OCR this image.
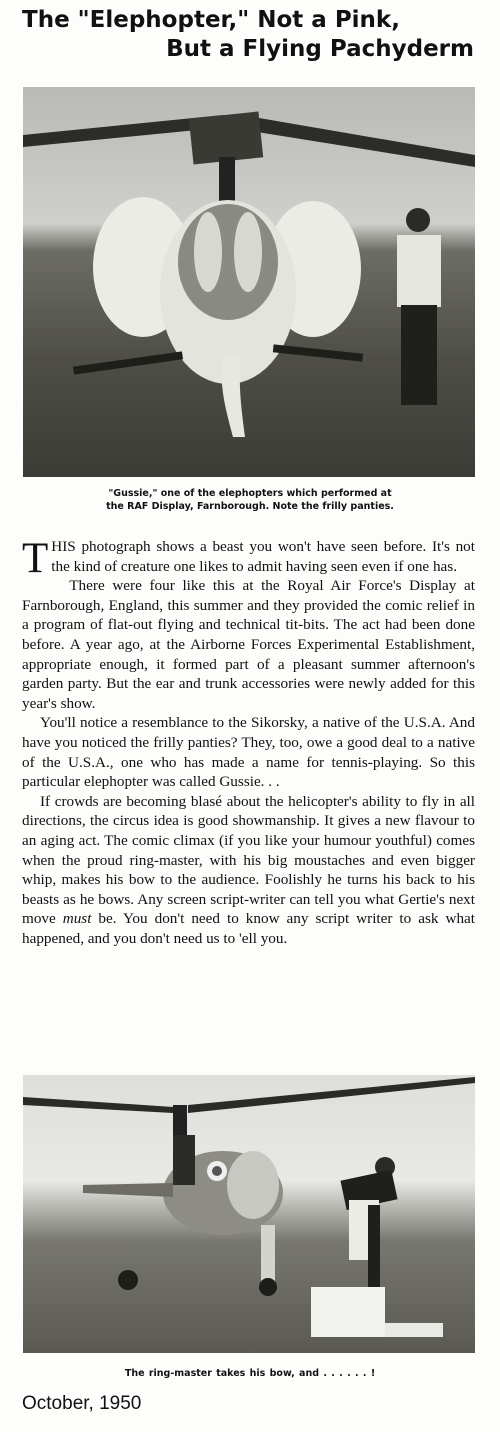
The "Elephopter," Not a Pink,
But a Flying Pachyderm

"Gussie," one of the elephopters which performed at
the RAF Display, Farnborough. Note the frilly panties.

THIS photograph shows a beast you won't have seen before. It's not the kind of creature one likes to admit having seen even if one has.

There were four like this at the Royal Air Force's Display at Farnborough, England, this summer and they provided the comic relief in a program of flat-out flying and technical tit-bits. The act had been done before. A year ago, at the Airborne Forces Experimental Establishment, appropriate enough, it formed part of a pleasant summer afternoon's garden party. But the ear and trunk accessories were newly added for this year's show.

You'll notice a resemblance to the Sikorsky, a native of the U.S.A. And have you noticed the frilly panties? They, too, owe a good deal to a native of the U.S.A., one who has made a name for tennis-playing. So this particular elephopter was called Gussie. . .

If crowds are becoming blasé about the helicopter's ability to fly in all directions, the circus idea is good showmanship. It gives a new flavour to an aging act. The comic climax (if you like your humour youthful) comes when the proud ring-master, with his big moustaches and even bigger whip, makes his bow to the audience. Foolishly he turns his back to his beasts as he bows. Any screen script-writer can tell you what Gertie's next move must be. You don't need to know any script writer to ask what happened, and you don't need us to 'ell you.

The ring-master takes his bow, and . . . . . . !

October, 1950
